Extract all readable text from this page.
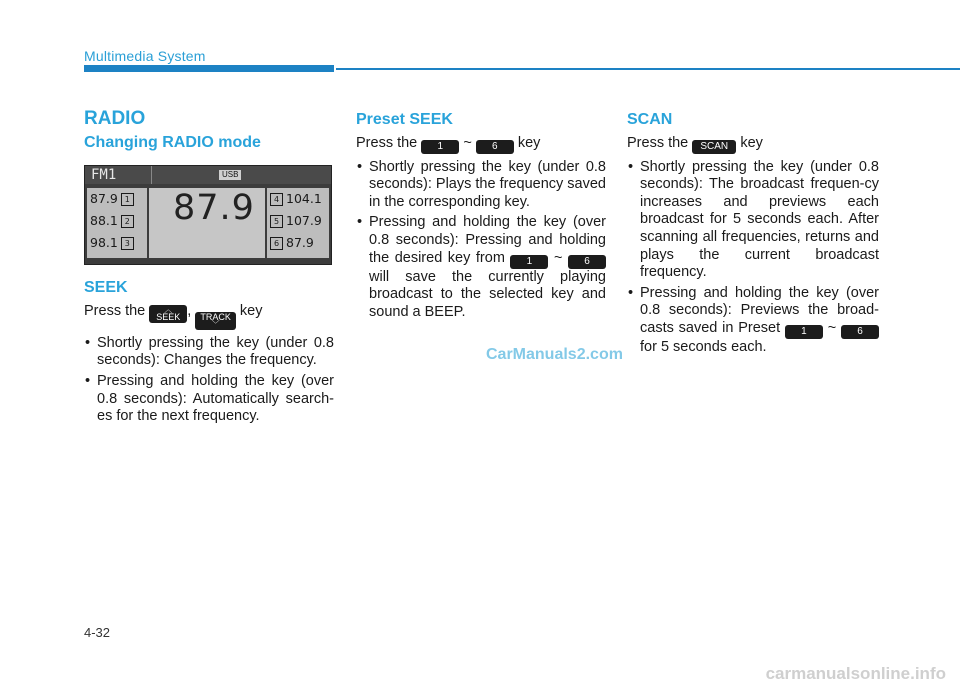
Multimedia System
RADIO
Changing RADIO mode
FM1	USB
87.9 1
88.1 2
98.1 3
4 104.1
5 107.9
6 87.9
87.9
SEEK

Press the	︿
SEEK , TRACK
﹀
key

• Shortly pressing the key (under 0.8 seconds): Changes the frequency.
• Pressing and holding the key (over 0.8 seconds): Automatically search-es for the next frequency.
Preset SEEK

Press the 1 ~ 6 key

• Shortly pressing the key (under 0.8 seconds): Plays the frequency saved in the corresponding key.
• Pressing and holding the key (over 0.8 seconds): Pressing and holding the desired key from 1 ~ 6 will save the currently playing broadcast to the selected key and sound a BEEP.
SCAN

Press the SCAN key

• Shortly pressing the key (under 0.8 seconds): The broadcast frequen-cy increases and previews each broadcast for 5 seconds each. After scanning all frequencies, returns and plays the current broadcast frequency.
• Pressing and holding the key (over 0.8 seconds): Previews the broad-casts saved in Preset 1 ~ 6 for 5 seconds each.
CarManuals2.com
4-32
carmanualsonline.info
